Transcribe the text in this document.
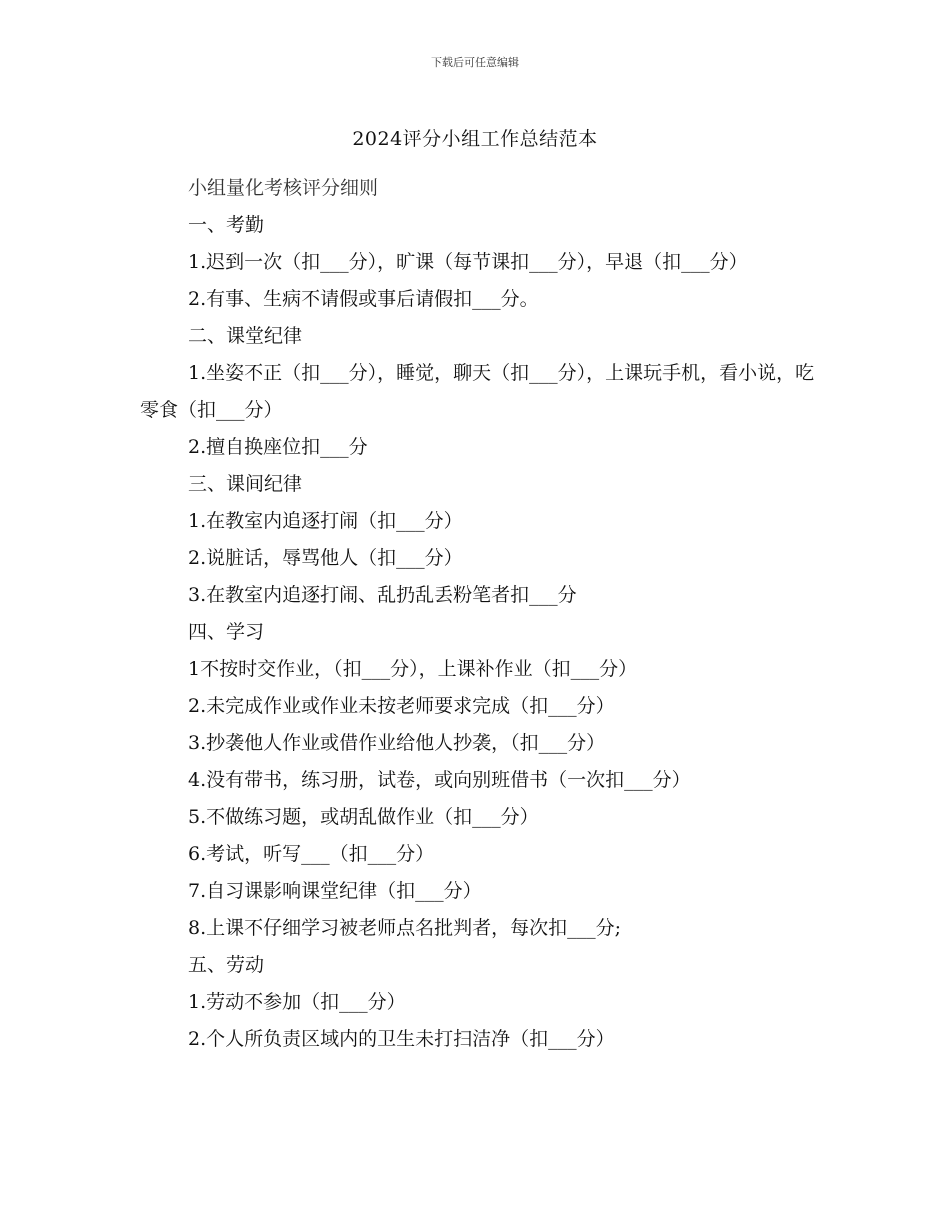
下载后可任意编辑
2024评分小组工作总结范本

小组量化考核评分细则

一、考勤

1.迟到一次（扣___分），旷课（每节课扣___分），早退（扣___分）

2.有事、生病不请假或事后请假扣___分。

二、课堂纪律

1.坐姿不正（扣___分），睡觉，聊天（扣___分），上课玩手机，看小说，吃零食（扣___分）

2.擅自换座位扣___分

三、课间纪律

1.在教室内追逐打闹（扣___分）

2.说脏话，辱骂他人（扣___分）

3.在教室内追逐打闹、乱扔乱丢粉笔者扣___分

四、学习

1不按时交作业，（扣___分），上课补作业（扣___分）

2.未完成作业或作业未按老师要求完成（扣___分）

3.抄袭他人作业或借作业给他人抄袭，（扣___分）

4.没有带书，练习册，试卷，或向别班借书（一次扣___分）

5.不做练习题，或胡乱做作业（扣___分）

6.考试，听写___（扣___分）

7.自习课影响课堂纪律（扣___分）

8.上课不仔细学习被老师点名批判者，每次扣___分;

五、劳动

1.劳动不参加（扣___分）

2.个人所负责区域内的卫生未打扫洁净（扣___分）
